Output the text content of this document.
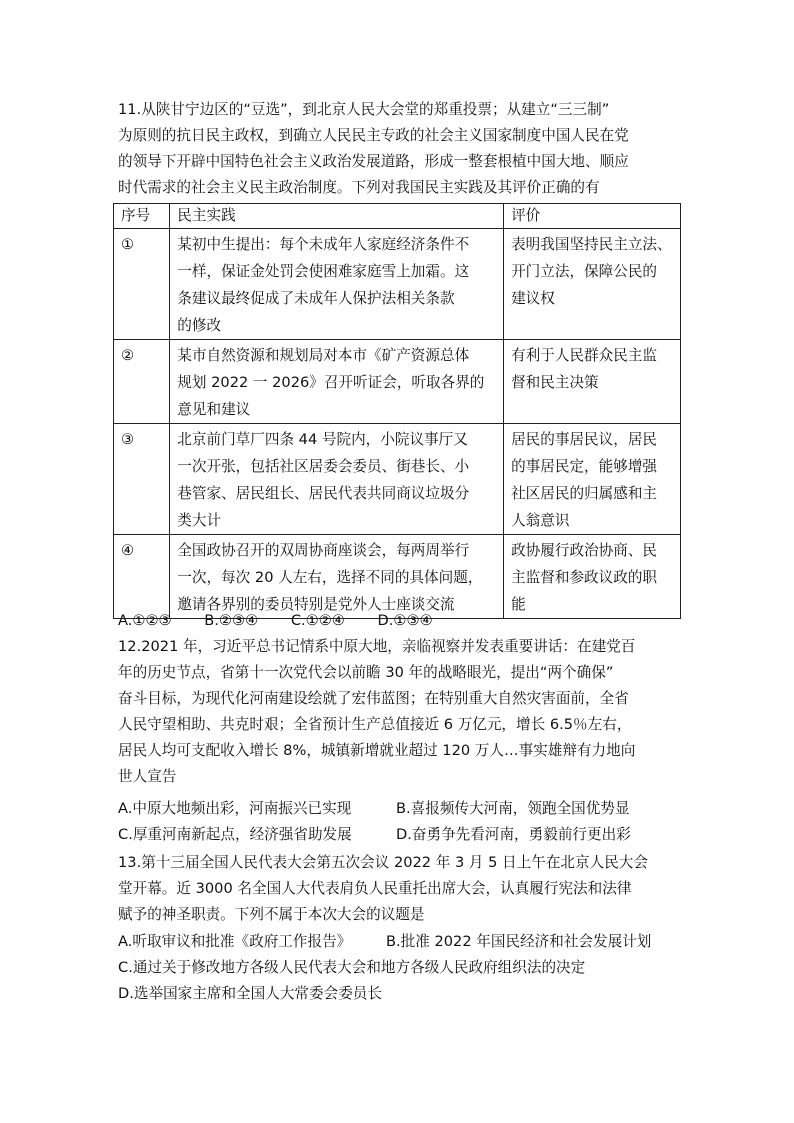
11.从陕甘宁边区的“豆选”，到北京人民大会堂的郑重投票；从建立“三三制”
为原则的抗日民主政权，到确立人民民主专政的社会主义国家制度中国人民在党
的领导下开辟中国特色社会主义政治发展道路，形成一整套根植中国大地、顺应
时代需求的社会主义民主政治制度。下列对我国民主实践及其评价正确的有
序号	民主实践	评价
①	某初中生提出：每个未成年人家庭经济条件不
一样，保证金处罚会使困难家庭雪上加霜。这
条建议最终促成了未成年人保护法相关条款
的修改	表明我国坚持民主立法、
开门立法，保障公民的
建议权

②	某市自然资源和规划局对本市《矿产资源总体
规划 2022 一 2026》召开听证会，听取各界的
意见和建议	有利于人民群众民主监
督和民主决策

③	北京前门草厂四条 44 号院内，小院议事厅又
一次开张，包括社区居委会委员、街巷长、小
巷管家、居民组长、居民代表共同商议垃圾分
类大计	居民的事居民议，居民
的事居民定，能够增强
社区居民的归属感和主
人翁意识

④	全国政协召开的双周协商座谈会，每两周举行
一次，每次 20 人左右，选择不同的具体问题，
邀请各界别的委员特别是党外人士座谈交流	政协履行政治协商、民
主监督和参政议政的职
能
A.①②③ B.②③④ C.①②④ D.①③④
12.2021 年，习近平总书记情系中原大地，亲临视察并发表重要讲话：在建党百
年的历史节点，省第十一次党代会以前瞻 30 年的战略眼光，提出“两个确保”
奋斗目标，为现代化河南建设绘就了宏伟蓝图；在特别重大自然灾害面前，全省
人民守望相助、共克时艰；全省预计生产总值接近 6 万亿元，增长 6.5％左右，
居民人均可支配收入增长 8%，城镇新增就业超过 120 万人…事实雄辩有力地向
世人宣告
A.中原大地频出彩，河南振兴已实现	B.喜报频传大河南，领跑全国优势显
C.厚重河南新起点，经济强省助发展	D.奋勇争先看河南，勇毅前行更出彩
13.第十三届全国人民代表大会第五次会议 2022 年 3 月 5 日上午在北京人民大会
堂开幕。近 3000 名全国人大代表肩负人民重托出席大会，认真履行宪法和法律
赋予的神圣职责。下列不属于本次大会的议题是
A.听取审议和批准《政府工作报告》 B.批准 2022 年国民经济和社会发展计划
C.通过关于修改地方各级人民代表大会和地方各级人民政府组织法的决定
D.选举国家主席和全国人大常委会委员长
